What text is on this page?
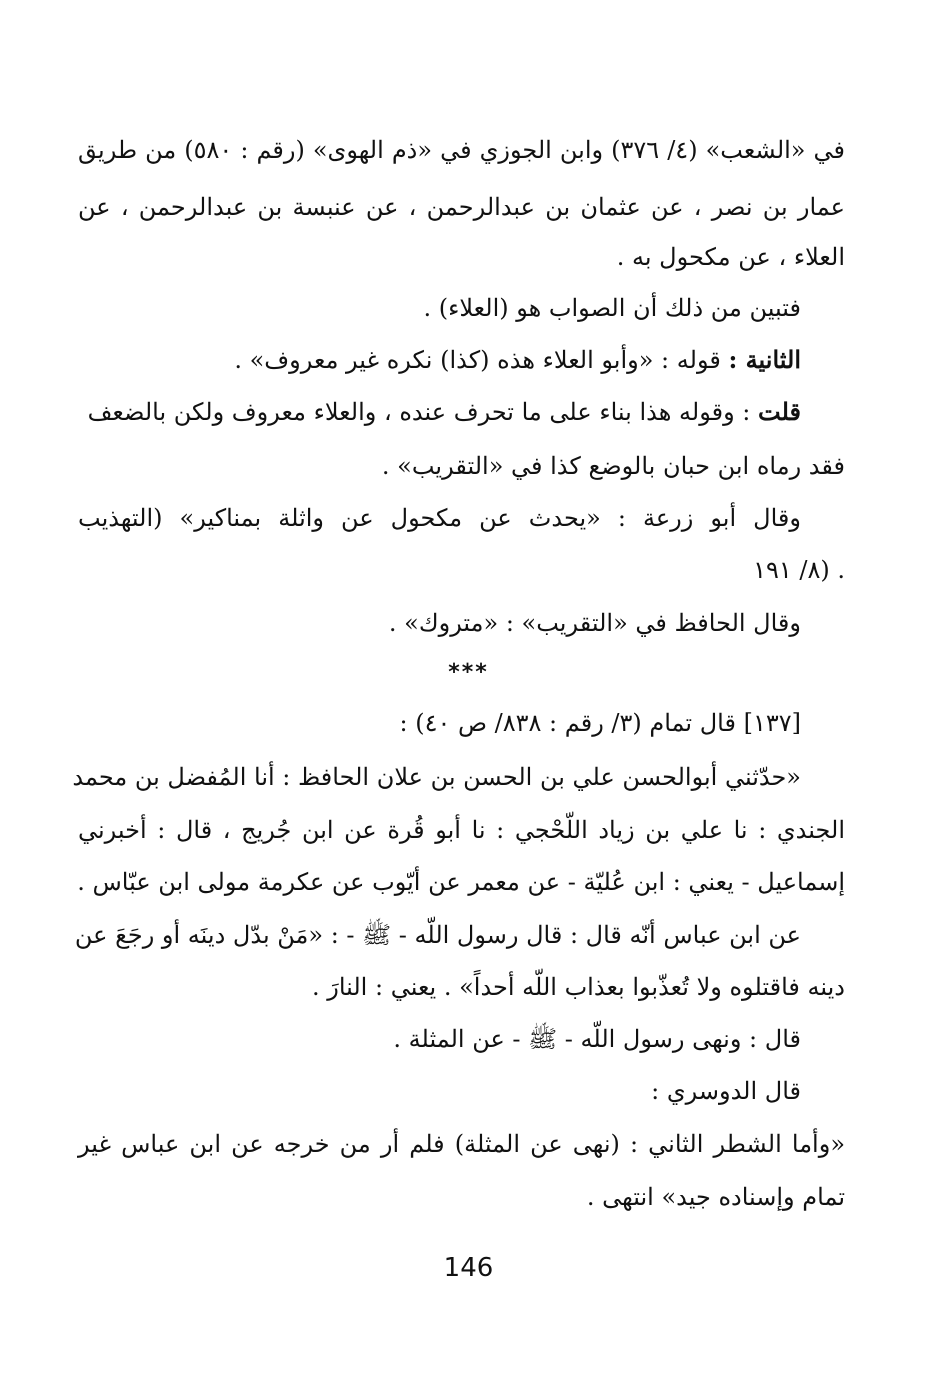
في «الشعب» (٤/ ٣٧٦) وابن الجوزي في «ذم الهوى» (رقم : ٥٨٠) من طريق
عمار بن نصر ، عن عثمان بن عبدالرحمن ، عن عنبسة بن عبدالرحمن ، عن
العلاء ، عن مكحول به .
فتبين من ذلك أن الصواب هو (العلاء) .
الثانية : قوله : «وأبو العلاء هذه (كذا) نكره غير معروف» .
قلت : وقوله هذا بناء على ما تحرف عنده ، والعلاء معروف ولكن بالضعف
فقد رماه ابن حبان بالوضع كذا في «التقريب» .
وقال أبو زرعة : «يحدث عن مكحول عن واثلة بمناكير» (التهذيب
٨/ ١٩١) .
وقال الحافظ في «التقريب» : «متروك» .
***
[١٣٧] قال تمام (٣/ رقم : ٨٣٨/ ص ٤٠) :
«حدّثني أبوالحسن علي بن الحسن بن علان الحافظ : أنا المُفضل بن محمد
الجندي : نا علي بن زياد اللّحْجي : نا أبو قُرة عن ابن جُريج ، قال : أخبرني
إسماعيل - يعني : ابن عُليّة - عن معمر عن أيّوب عن عكرمة مولى ابن عبّاس .
عن ابن عباس أنّه قال : قال رسول اللّه - ﷺ - : «مَنْ بدّل دينَه أو رجَعَ عن
دينه فاقتلوه ولا تُعذّبوا بعذاب اللّه أحداً» . يعني : النارَ .
قال : ونهى رسول اللّه - ﷺ - عن المثلة .
قال الدوسري :
«وأما الشطر الثاني : (نهى عن المثلة) فلم أر من خرجه عن ابن عباس غير
تمام وإسناده جيد» انتهى .
146
